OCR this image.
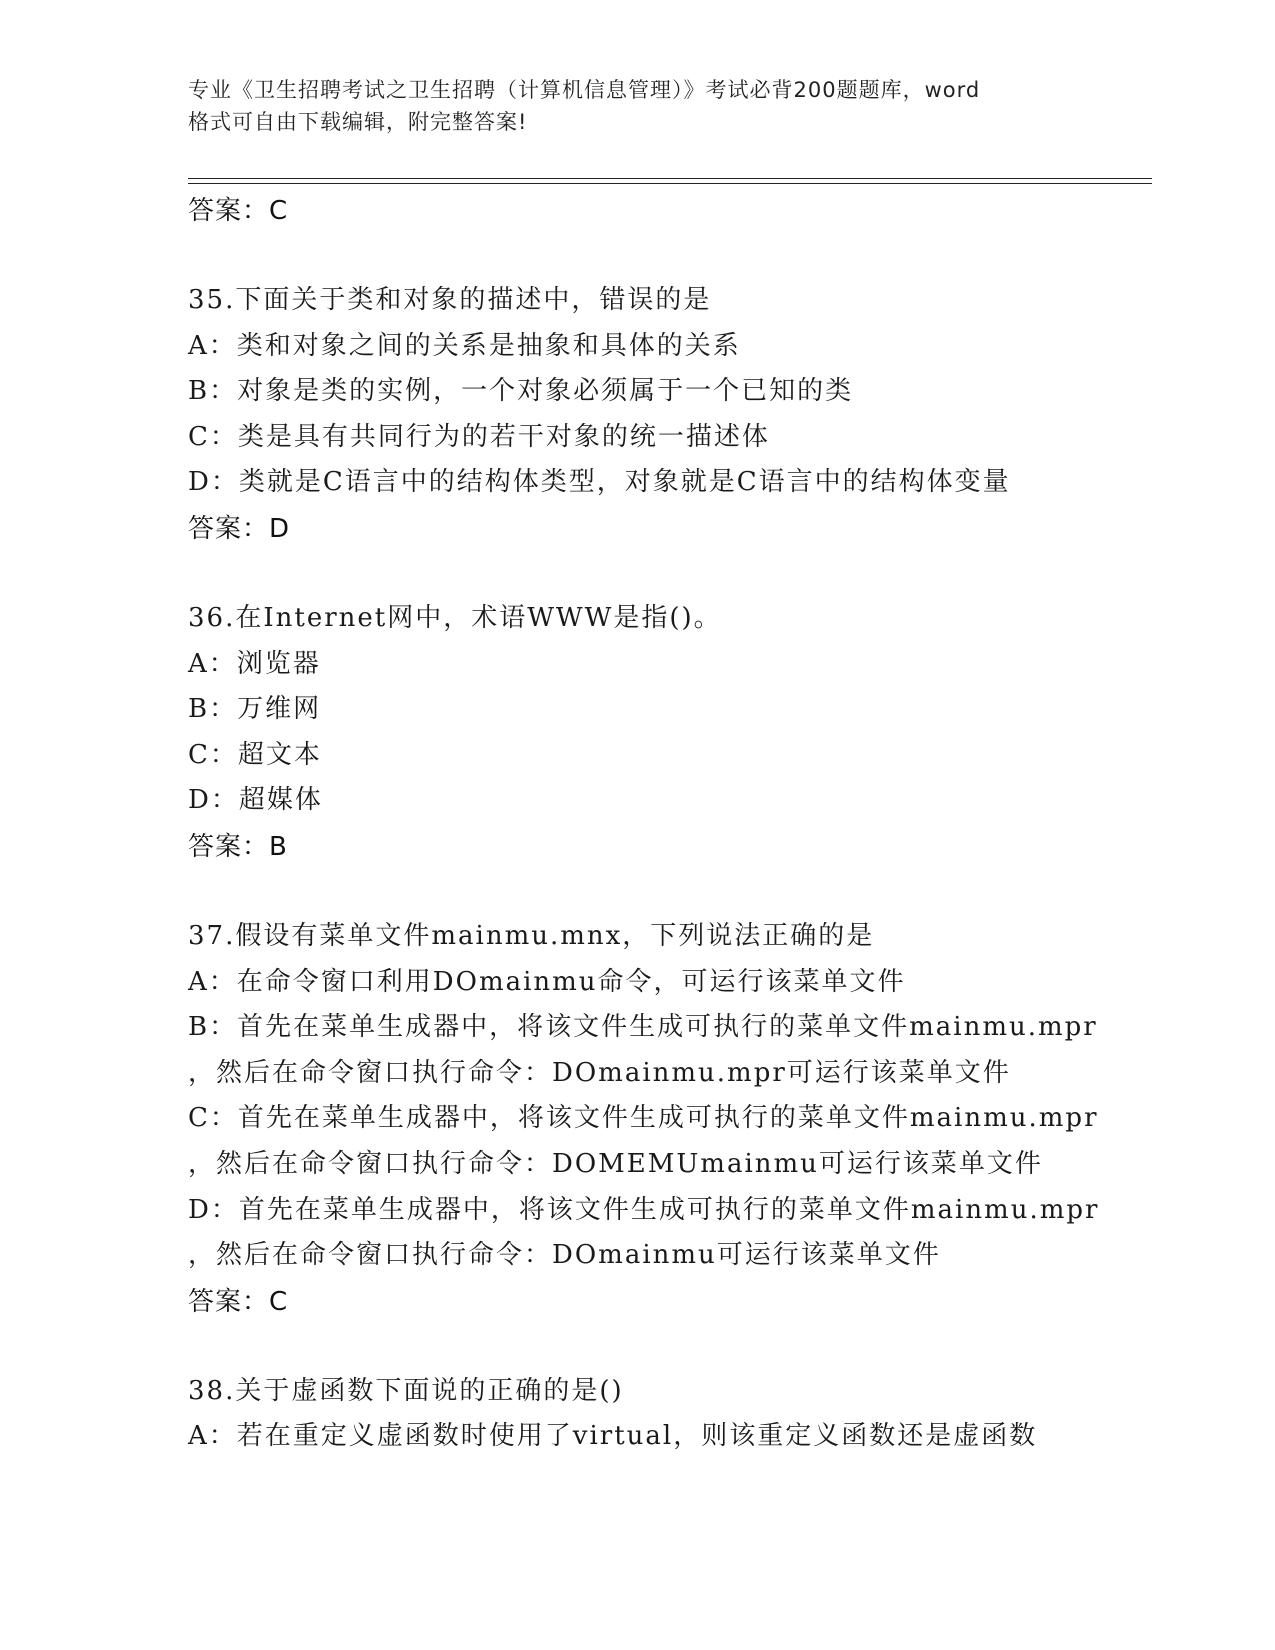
专业《卫生招聘考试之卫生招聘（计算机信息管理）》考试必背200题题库，word
格式可自由下载编辑，附完整答案!
答案：C
35.下面关于类和对象的描述中，错误的是
A：类和对象之间的关系是抽象和具体的关系
B：对象是类的实例，一个对象必须属于一个已知的类
C：类是具有共同行为的若干对象的统一描述体
D：类就是C语言中的结构体类型，对象就是C语言中的结构体变量
答案：D
36.在Internet网中，术语WWW是指()。
A：浏览器
B：万维网
C：超文本
D：超媒体
答案：B
37.假设有菜单文件mainmu.mnx，下列说法正确的是
A：在命令窗口利用DOmainmu命令，可运行该菜单文件
B：首先在菜单生成器中，将该文件生成可执行的菜单文件mainmu.mpr
，然后在命令窗口执行命令：DOmainmu.mpr可运行该菜单文件
C：首先在菜单生成器中，将该文件生成可执行的菜单文件mainmu.mpr
，然后在命令窗口执行命令：DOMEMUmainmu可运行该菜单文件
D：首先在菜单生成器中，将该文件生成可执行的菜单文件mainmu.mpr
，然后在命令窗口执行命令：DOmainmu可运行该菜单文件
答案：C
38.关于虚函数下面说的正确的是()
A：若在重定义虚函数时使用了virtual，则该重定义函数还是虚函数
